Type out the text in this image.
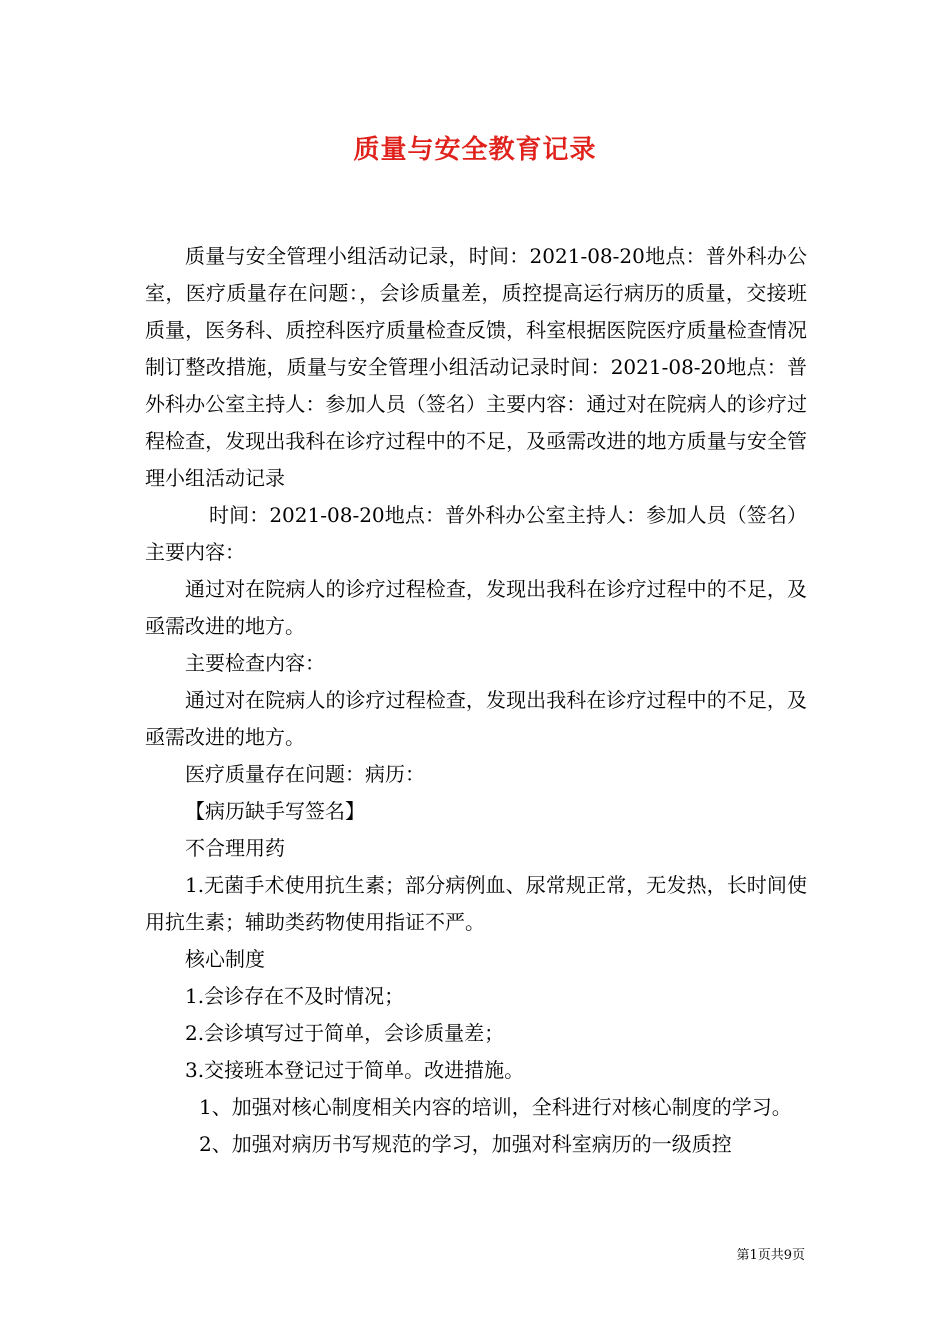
质量与安全教育记录

质量与安全管理小组活动记录，时间：2021-08-20地点：普外科办公室，医疗质量存在问题：，会诊质量差，质控提高运行病历的质量，交接班质量，医务科、质控科医疗质量检查反馈，科室根据医院医疗质量检查情况制订整改措施，质量与安全管理小组活动记录时间：2021-08-20地点：普外科办公室主持人：参加人员（签名）主要内容：通过对在院病人的诊疗过程检查，发现出我科在诊疗过程中的不足，及亟需改进的地方质量与安全管理小组活动记录

时间：2021-08-20地点：普外科办公室主持人：参加人员（签名）主要内容：

通过对在院病人的诊疗过程检查，发现出我科在诊疗过程中的不足，及亟需改进的地方。

主要检查内容：

通过对在院病人的诊疗过程检查，发现出我科在诊疗过程中的不足，及亟需改进的地方。

医疗质量存在问题：病历：

【病历缺手写签名】

不合理用药

1.无菌手术使用抗生素；部分病例血、尿常规正常，无发热，长时间使用抗生素；辅助类药物使用指证不严。

核心制度

1.会诊存在不及时情况；

2.会诊填写过于简单，会诊质量差；

3.交接班本登记过于简单。改进措施。

1、加强对核心制度相关内容的培训，全科进行对核心制度的学习。

2、加强对病历书写规范的学习，加强对科室病历的一级质控

第1页共9页
